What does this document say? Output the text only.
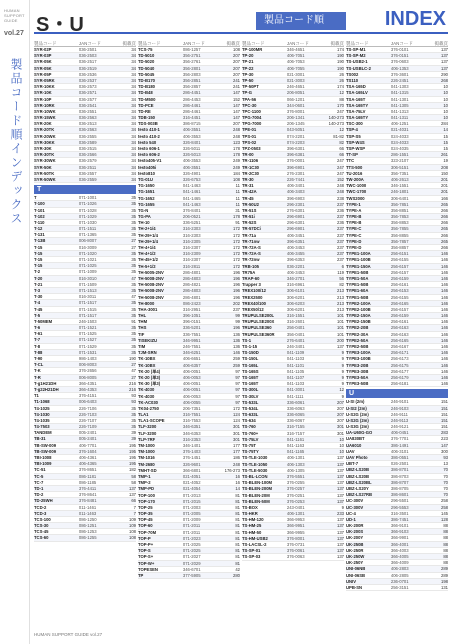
HUMAN SUPPORT GUIDE
vol.27
製品コード順インデックス
S・U	製品コード順	INDEX
製品コード	JANコード	掲載頁
SYR-02P	036-2501	34
SYR-03P	036-2503	34
SYR-05K	036-2517	34
SYR-05K	036-2519	34
SYR-05P	036-2536	34
SYR-05RK	036-2537	34
SYR-10KK	036-2573	34
SYR-10K	036-2571	34
SYR-10P	036-2577	34
SYR-10RK	036-2541	34
SYR-10WK	036-2551	34
SYR-15WK	036-2563	34
SYR-20K	036-2513	34
SYR-20TK	036-2563	34
SYR-20WK	036-2555	34
SYR-30KK	036-2589	34
SYR-30K	036-2515	34
SYR-30TK	036-2566	34
SYR-30WK	036-2579	34
SYR-50K	036-2511	34
SYR-50TK	036-2557	34
SYR-50WK	036-2559	34
T
T	071-1001	35
T-100	071-1026	35
T-101	071-1028	35
T-102	071-1029	35
T-110	071-1030	35
T-12	071-1511	35
T-131	071-1365	35
T-13B	006-8007	27
T-15	016-3009	27
T-15	071-1020	35
T-15	071-1021	35
T-15	071-1025	35
T-2	071-1009	35
T-20	016-3010	47
T-21	071-1509	35
T-3	071-1513	35
T-30	016-3011	47
T-4	071-1517	35
T-45	071-1515	35
T-5	071-1517	35
T-50MEM	246-1503	91
T-6	071-1521	35
T-61	071-1525	35
T-7	071-1527	35
T-8	071-1529	35
T-88	071-1531	35
T-90	986-1403	190
T-CL	006-8003	27
T-K	376-2656	47
T-R	006-8005	27
T-g1H21DH	366-4351	216
T-g22H21DH	366-4353	216
T1	376-4151	93
T1-1068	006-6403	93
T4-1025	226-7106	35
T4-1030	226-7103	35
T4-1035	226-7107	35
T4-7503	226-7109	35
TANDEM	005-2401	39
TB-31	005-2401	39
TB-SW-009	406-7701	195
TB-SW-009	376-1604	195
TBI-1008	406-4361	195
TBI-1009	406-4365	195
TC-51	376-8651	182
TC-5	086-1181	58
TC-7	086-1185	58
TD-1	376-4411	137
TD-2	376-8641	137
TD-25WH	376-8481	66
TCD-2	011-1461	7
TCD-3	011-1463	7
TCS-100	086-1250	109
TCS-30	086-1251	109
TCS-45	086-1253	108
TCS-60	086-1255	108
製品コード	JANコード	掲載頁
TCS-75	086-1257	108
TD-5010	356-2751	207
TD-5020	356-2761	207
TD-5040	356-2801	207
TD-5045	356-2803	207
TD-B170	356-2851	241
TD-B180	356-2857	241
TD-B48	286-4451	147
TD-M500	286-4453	152
TD-PCE	286-4461	147
TD-RE	286-4461	147
TDB-150	316-4451	147
TDS-003B	386-8715	207
testo 410-1	406-3551	248
testo 410-2	406-3553	248
testo 540	326-8401	123
testo 606-1	326-5011	178
testo 606-2	326-5013	178
testo405-V1	406-3553	249
testo405i	406-3551	249
testo810	326-4901	184
TG-01U	326-6753	108
TG-1650	041-1463	11
TG-1651	041-1461	11
TG-1652	041-1465	11
TG-1655	041-1463	11
TG-N	376-8401	31
TG-PA	206-0521	178
TH-10	336-5251	91
TH-2+1/4	316-2303	172
TH-29+1/4	316-2303	172
TH-29+1/4	316-2305	172
TH-4+1/4	316-2307	172
TH-4+1/2	316-2309	172
TH-45+1/2	316-2307	172
TH-5+1/2	316-2811	172
TH-5005-2NV	286-4801	196
TH-5008-2NV	286-4803	196
TH-5008-2NV	286-4821	196
TH-5008-2NV	286-4803	196
TH-5008-2NV	286-4801	196
TH-8000	086-2423	202
THA-3001	316-2951	237
THL	396-1051	99
THM	396-0151	99
THS	336-5201	196
TIF	336-7551	136
TISEKIZU	346-9951	136
TIM	246-7551	136
TJM-SRN	346-6251	146
TK-10BX	406-6651	259
TK-10BX	406-6357	259
TK-20 (単4)	406-0051	97
TK-20 (単3)	406-0053	97
TK-30 (単3)	406-0051	97
TK-4030	406-0051	97
TK-4030	406-0053	97
TK-AC030	406-0055	97
TK04-2750	206-7351	172
TLA1	316-7551	124
TLA1-SCOPE	316-7553	124
TLF-3200	346-6351	301
TLF-3200	346-6353	301
TLP-7RF	316-2353	301
TM-1000	346-1401	177
TM-1000	376-1403	177
TM-1016	376-1451	186
TM-2680	326-9601	248
TMHT-SD	366-6801	176-273
TMP-1	021-4051	16
TMP-2	021-4052	16
TMP-PD	021-4054	14
TOP-100	071-2013	81
TOP-170	071-2015	81
TOP-25	071-2003	81
TOP-35	071-2005	81
TOP-45	071-2009	81
TOP-60	071-2011	81
TOP-70M	071-2011	81
TOP-P	071-2023	81
TOP-P+	071-2025	81
TOP-S	071-2025	81
TOP-S+	071-2027	81
TOP-W+	071-2029	81
TOPESEN	346-6701	42
TP	377-5905	280
製品コード	JANコード	掲載頁
TP-100MR	346-4651	174
TP-20	406-7051	190
TP-21	406-7053	190
TP-22	406-7055	190
TP-30	021-3001	26
TP-50	021-3003	26
TP-50PT	246-4651	174
TP-G	206-8051	12
TPA-56	066-1201	88
TPC-30	344-0601	170
TPC-1100	376-8001	247
TPG-7004	206-1341	140-273
TPG-7000	206-1345	140-273
TPE-01	043-5051	12
TPS-01	074-2201	81-82
TPS-02	074-2203	82
TPZ-0503	396-6301	66
TR-00	396-6381	66
TR-1106	376-0001	247
TR-1C30	396-6901	247
TR-2C30	276-2301	247
TR-30	226-7441	152
TR-31	406-3401	248
TR-42A	406-3403	248
TR-45	396-6903	238
TR-50U2	296-2301	237
TR-51S	276-6301	236
TR-51i	296-6901	237
TR-52S	296-6301	236
TR-57DCi	296-6901	237
TR-71a	406-3451	237
TR-71nw	396-6351	237
TR-72A-S	406-3453	237
TR-72A-S	406-3455	237
TR-72nw	396-6353	237
TRB-105	036-2201	6
TR75A	406-3453	119
TRAP-60	346-2701	56
Trapper 3	316-6961	82
TREX100/12	306-6101	213
TREX2500	306-6201	213
TREX40/100	306-6203	213
TREX50/12	306-6201	213
TRUPULSE200L	316-1551	101
TRUPULSE200X	316-2601	101
TRUPULSE360	256-0401	101
TRUPULSE360R	356-0401	101
TS-1	276-6401	200
TS-1-15	246-3401	137
TS-150D	041-1109	9
TS-150L	041-1103	9
TS-165L	041-1101	9
TS-165S	041-1105	9
TS-165T	041-1107	9
TS-165T	041-1103	9
TS-300L	041-3001	12
TS-30LV	041-1111	9
TS-533L	336-6061	207
TS-534L	336-6063	207
TS-633L	336-6065	207
TS-634	336-6067	207
TS-760	316-7155	301
TS-760+	316-7157	301
TS-75LV	041-1161	10
TS-75T	041-1163	10
TS-75TY	041-1165	10
TS-TLE-1030	406-1301	137
TS-TLE-1050	406-1303	137
TS-TLE-5030	406-1305	137
TS-BL-LCON	376-5551	137
TS-BLEN-100M	376-0255	137
TS-BLEN-200M	376-0257	137
TS-BLEN-20M	376-0251	137
TS-BLEN-50M	376-0253	137
TS-BOX	243-0401	9
TS-HKR	406-1301	233
TS-HM-120	366-9953	137
TS-HM-25	366-9951	137
TS-HM-50	366-9955	137
TS-HM-USB2	376-8001	137
TS-LACSL-2	376-0731	137
TS-SP-01	376-0061	137
TS-SP-03	376-0063	137
製品コード	JANコード	掲載頁
TS-SP-M1	376-0101	137
TS-SP-M2	376-0151	137
TS-USB2-1	376-0603	137
TS-USBLC-2	406-1353	137
TS002	376-3601	290
TS110	226-2451	268
TSA-165D	041-1303	10
TSA-165LV	041-1315	10
TSA-165T	041-1301	10
TSA-165TY	041-1305	10
TSA-75LV	041-1313	10
TSA-165TY	041-1311	10
TSC-300	406-1251	284
TSP-4	021-4031	14
TSP-S5	024-4033	15
TSP-W4S	024-4033	15
TSP-WSP	024-4035	15
TT-SP	286-1551	261
TTC	323-2107	19
TTS-500	306-5151	208
TU-2016	356-7351	150
TW-200A	406-2613	201
TWC-1000	346-1551	201
TWC-1700	246-1801	201
TWS2000	306-6401	166
TYPE-1	356-7851	265
TYPE-A	356-8851	266
TYPE-B	356-7853	266
TYPE-B	356-8853	266
TYPE-C	356-7855	265
TYPE-C	356-8855	266
TYPE-D	356-7857	265
TYPE-D	356-8857	266
TYPE1-100A	256-6151	146
TYPE1-100B	256-6155	146
TYPE1-150A	256-6157	146
TYPE1-50B	256-6157	146
TYPE1-50A	256-6159	146
TYPE1-50B	256-6161	146
TYPE1-60A	256-6153	146
TYPE1-50B	256-6155	146
TYPE2-100A	256-6165	146
TYPE2-100B	256-6157	146
TYPE2-150A	256-6159	146
TYPE2-150B	256-6161	146
TYPE2-20B	256-6163	146
TYPE2-30A	256-6163	146
TYPE2-50A	256-6165	146
TYPE2-50B	256-6167	146
TYPE3-100A	256-6171	146
TYPE3-100B	256-6173	146
TYPE3-20B	256-6175	146
TYPE3-30B	256-6177	146
TYPE3-50A	256-6179	146
TYPE3-50B	256-6181	146
U
U-SI (2m)	246-9101	151
U-SI2 (2m)	246-9103	151
U-S2G (2m)	246-9111	151
U-S2G (2m)	246-9113	151
U-S3G (2m)	246-9121	151
UA-U60G-GO	406-0451	283
UA830BT	376-7701	223
UA6010	386-1491	147
UAV	406-3101	300
UAV Photo	386-0551	93
UBT-7	026-2501	13
UBZ-LS20B	386-8701	70
UBZ-LS20B	386-8703	70
UBZ-LS20BL	386-8707	70
UBZ-LS20Y	386-8705	70
UBZ-LS27RB	386-8601	70
UC-300V	296-5501	258
UC-300V	296-5553	258
UC-4	316-3501	145
UD-1	386-7451	128
UK-200R	366-9101	88
UK-200S	366-9103	88
UK-200Y	366-9901	88
UK-250B	366-4001	88
UK-250R	366-4003	88
UK-250W	366-4005	88
UK-250Y	366-4009	88
UNI-06NB	406-2803	289
UNI-06SB	406-2805	289
UNIV	236-0701	198
UPB-SN	256-3151	131
HUMAN SUPPORT GUIDE vol.27
